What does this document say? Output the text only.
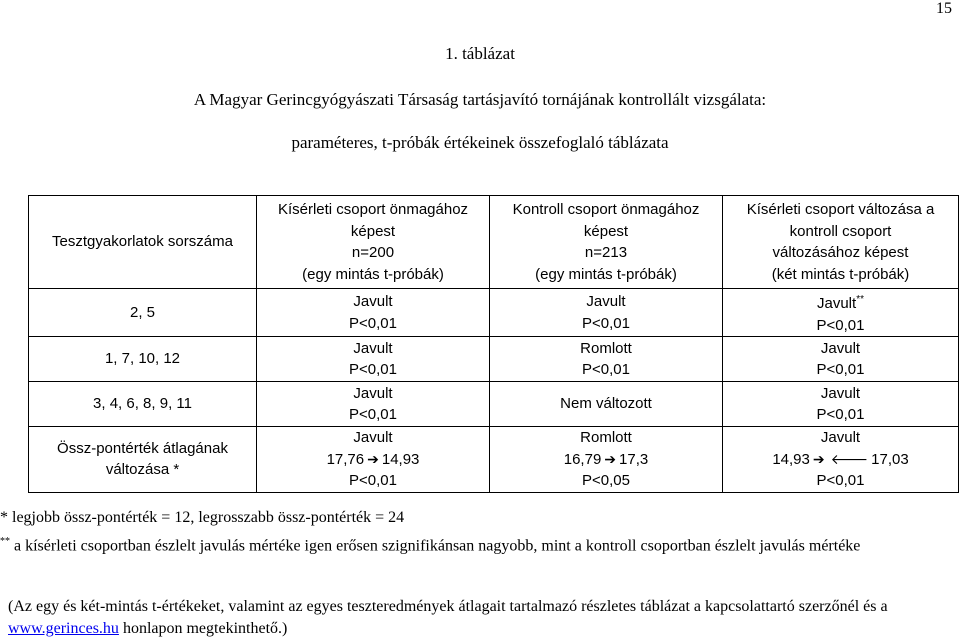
15
1. táblázat
A Magyar Gerincgyógyászati Társaság tartásjavító tornájának kontrollált vizsgálata:
paraméteres, t-próbák értékeinek összefoglaló táblázata
Tesztgyakorlatok sorszáma	Kísérleti csoport önmagához
képest
n=200
(egy mintás t-próbák)	Kontroll csoport önmagához
képest
n=213
(egy mintás t-próbák)	Kísérleti csoport változása a
kontroll csoport
változásához képest
(két mintás t-próbák)

2, 5	Javult
P<0,01	Javult
P<0,01	Javult**
P<0,01

1, 7, 10, 12	Javult
P<0,01	Romlott
P<0,01	Javult
P<0,01

3, 4, 6, 8, 9, 11	Javult
P<0,01	Nem változott	Javult
P<0,01

Össz-pontérték átlagának
változása *	Javult
17,76 ➔ 14,93
P<0,01	Romlott
16,79 ➔ 17,3
P<0,05	Javult
14,93 ➔ 🡐 17,03
P<0,01
* legjobb össz-pontérték = 12, legrosszabb össz-pontérték = 24
** a kísérleti csoportban észlelt javulás mértéke igen erősen szignifikánsan nagyobb, mint a kontroll csoportban észlelt javulás mértéke
(Az egy és két-mintás t-értékeket, valamint az egyes teszteredmények átlagait tartalmazó részletes táblázat a kapcsolattartó szerzőnél és a www.gerinces.hu honlapon megtekinthető.)
